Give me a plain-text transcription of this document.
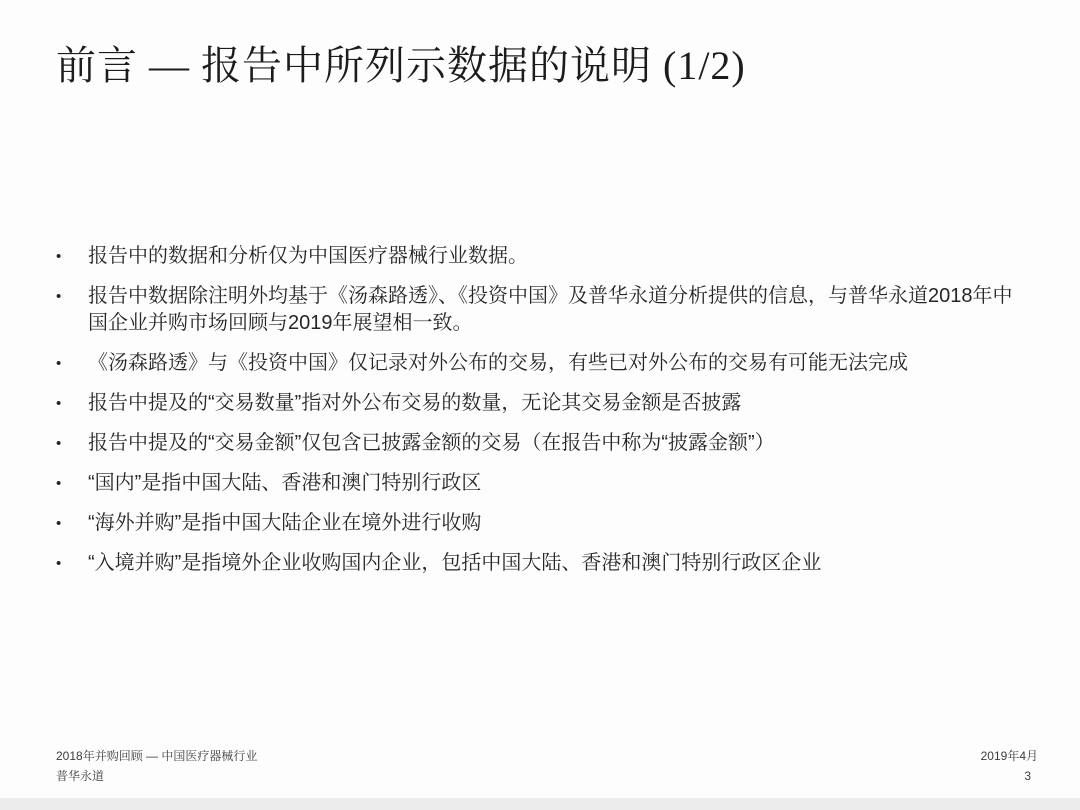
前言 — 报告中所列示数据的说明 (1/2)
•	报告中的数据和分析仅为中国医疗器械行业数据。
•	报告中数据除注明外均基于《汤森路透》、《投资中国》及普华永道分析提供的信息，与普华永道2018年中国企业并购市场回顾与2019年展望相一致。
•	《汤森路透》与《投资中国》仅记录对外公布的交易，有些已对外公布的交易有可能无法完成
•	报告中提及的“交易数量”指对外公布交易的数量，无论其交易金额是否披露
•	报告中提及的“交易金额”仅包含已披露金额的交易（在报告中称为“披露金额”）
•	“国内”是指中国大陆、香港和澳门特别行政区
•	“海外并购”是指中国大陆企业在境外进行收购
•	“入境并购”是指境外企业收购国内企业，包括中国大陆、香港和澳门特别行政区企业
2018年并购回顾 — 中国医疗器械行业
普华永道
2019年4月
3
